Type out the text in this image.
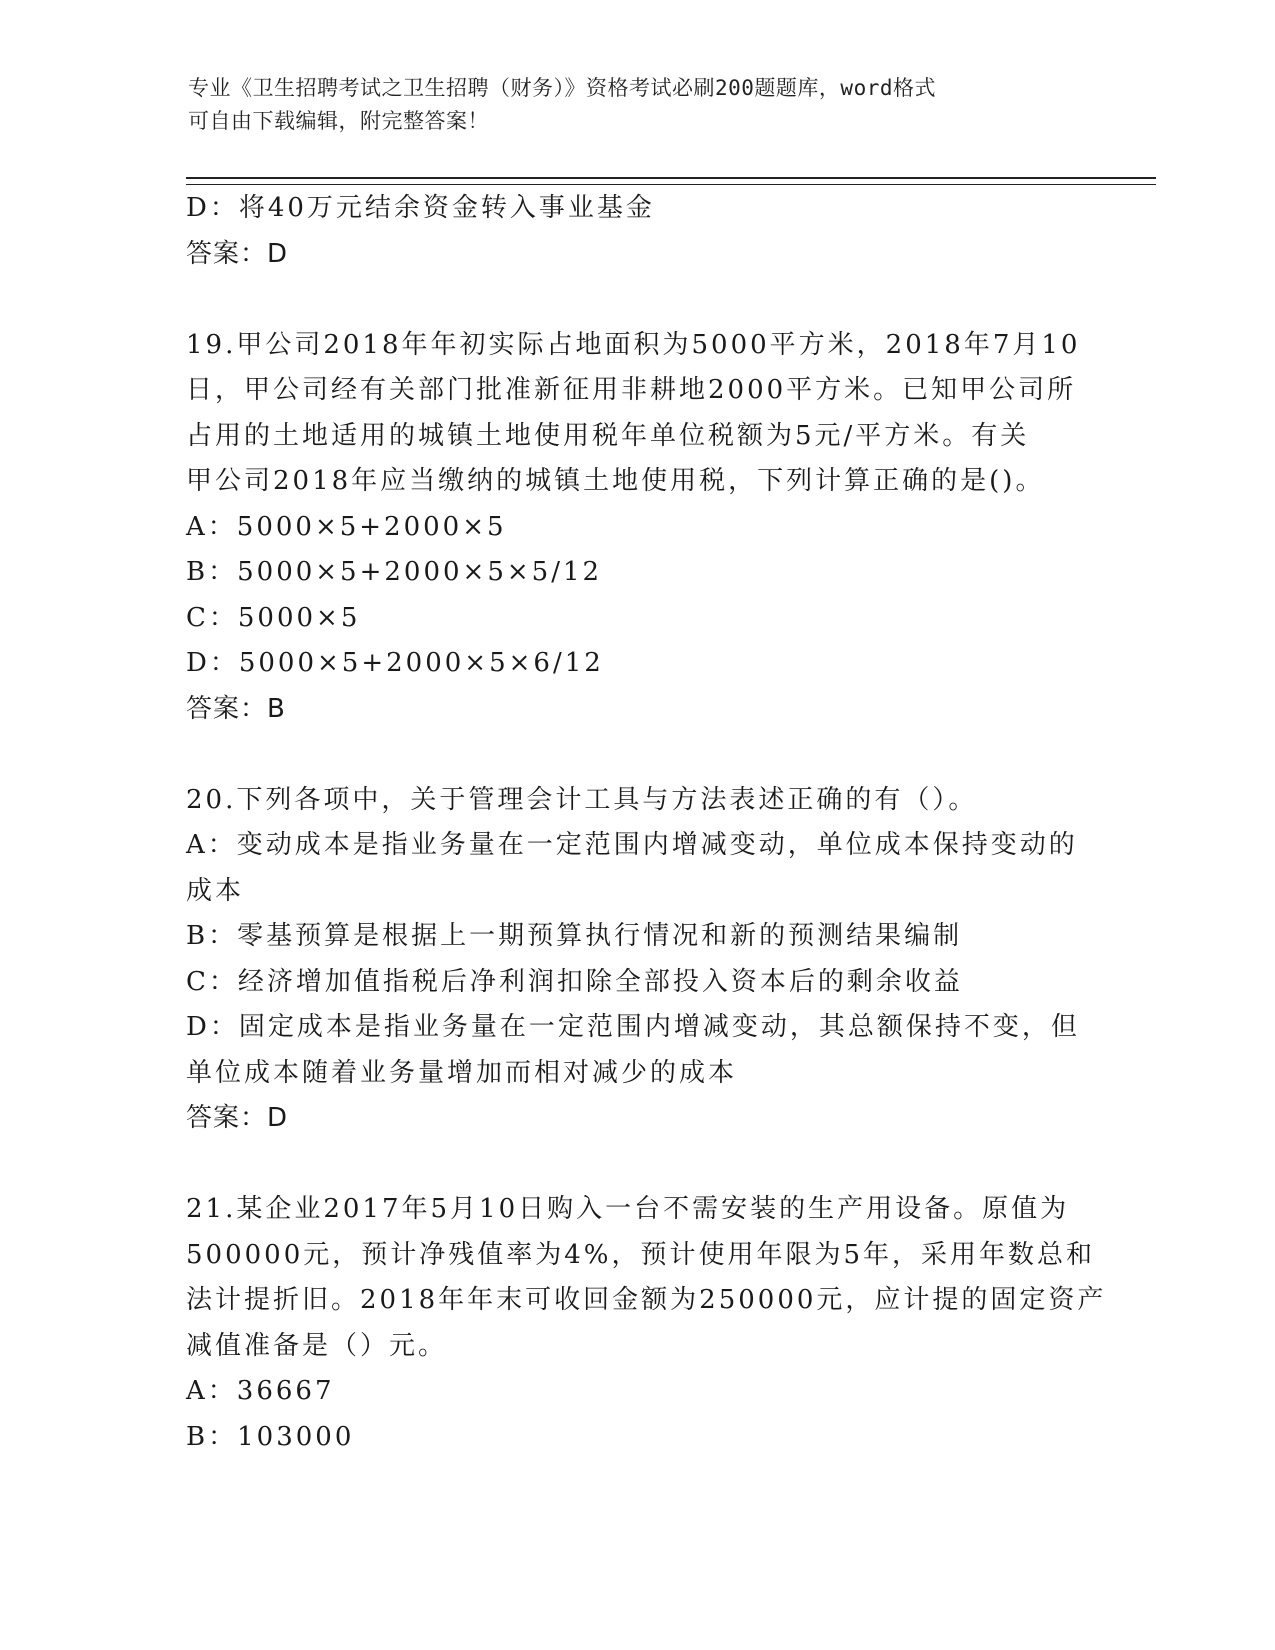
专业《卫生招聘考试之卫生招聘（财务）》资格考试必刷200题题库，word格式
可自由下载编辑，附完整答案！
D：将40万元结余资金转入事业基金
答案：D
19.甲公司2018年年初实际占地面积为5000平方米，2018年7月10
日，甲公司经有关部门批准新征用非耕地2000平方米。已知甲公司所
占用的土地适用的城镇土地使用税年单位税额为5元/平方米。有关
甲公司2018年应当缴纳的城镇土地使用税，下列计算正确的是()。
A：5000×5+2000×5
B：5000×5+2000×5×5/12
C：5000×5
D：5000×5+2000×5×6/12
答案：B
20.下列各项中，关于管理会计工具与方法表述正确的有（）。
A：变动成本是指业务量在一定范围内增减变动，单位成本保持变动的
成本
B：零基预算是根据上一期预算执行情况和新的预测结果编制
C：经济增加值指税后净利润扣除全部投入资本后的剩余收益
D：固定成本是指业务量在一定范围内增减变动，其总额保持不变，但
单位成本随着业务量增加而相对减少的成本
答案：D
21.某企业2017年5月10日购入一台不需安装的生产用设备。原值为
500000元，预计净残值率为4%，预计使用年限为5年，采用年数总和
法计提折旧。2018年年末可收回金额为250000元，应计提的固定资产
减值准备是（）元。
A：36667
B：103000
